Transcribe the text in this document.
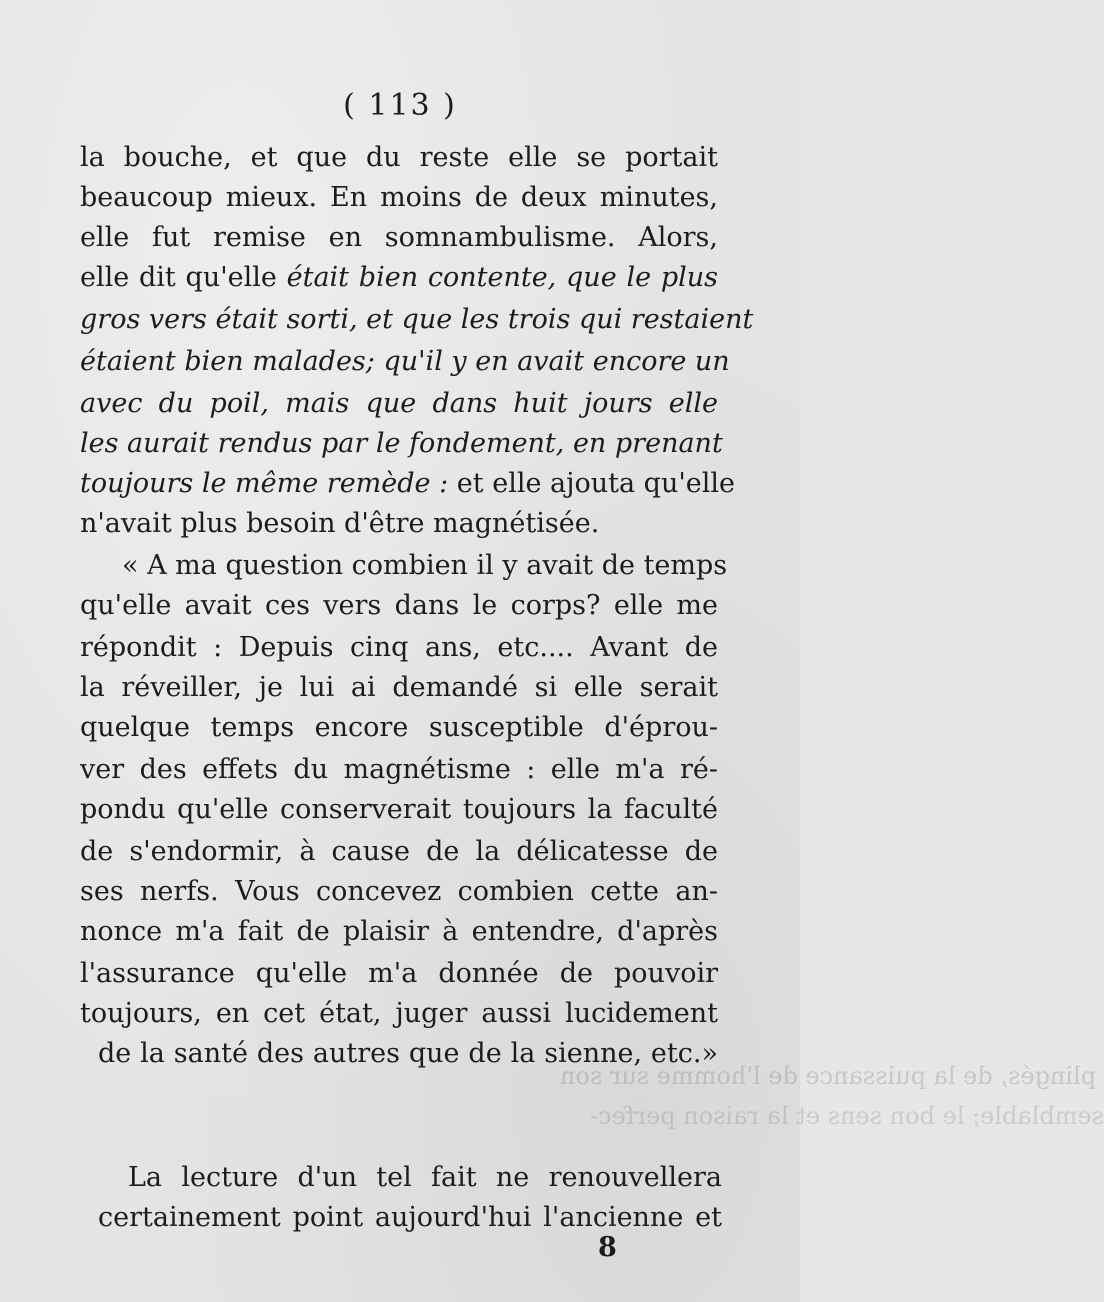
( 113 )
plingés, de la puissance de l'homme sur son
semblable; le bon sens et la raison perfec-
la bouche, et que du reste elle se portait
beaucoup mieux. En moins de deux minutes,
elle fut remise en somnambulisme. Alors,
elle dit qu'elle était bien contente, que le plus
gros vers était sorti, et que les trois qui restaient
étaient bien malades; qu'il y en avait encore un
avec du poil, mais que dans huit jours elle
les aurait rendus par le fondement, en prenant
toujours le même remède : et elle ajouta qu'elle
n'avait plus besoin d'être magnétisée.
« A ma question combien il y avait de temps
qu'elle avait ces vers dans le corps? elle me
répondit : Depuis cinq ans, etc.... Avant de
la réveiller, je lui ai demandé si elle serait
quelque temps encore susceptible d'éprou-
ver des effets du magnétisme : elle m'a ré-
pondu qu'elle conserverait toujours la faculté
de s'endormir, à cause de la délicatesse de
ses nerfs. Vous concevez combien cette an-
nonce m'a fait de plaisir à entendre, d'après
l'assurance qu'elle m'a donnée de pouvoir
toujours, en cet état, juger aussi lucidement
de la santé des autres que de la sienne, etc.»
La lecture d'un tel fait ne renouvellera
certainement point aujourd'hui l'ancienne et
8
